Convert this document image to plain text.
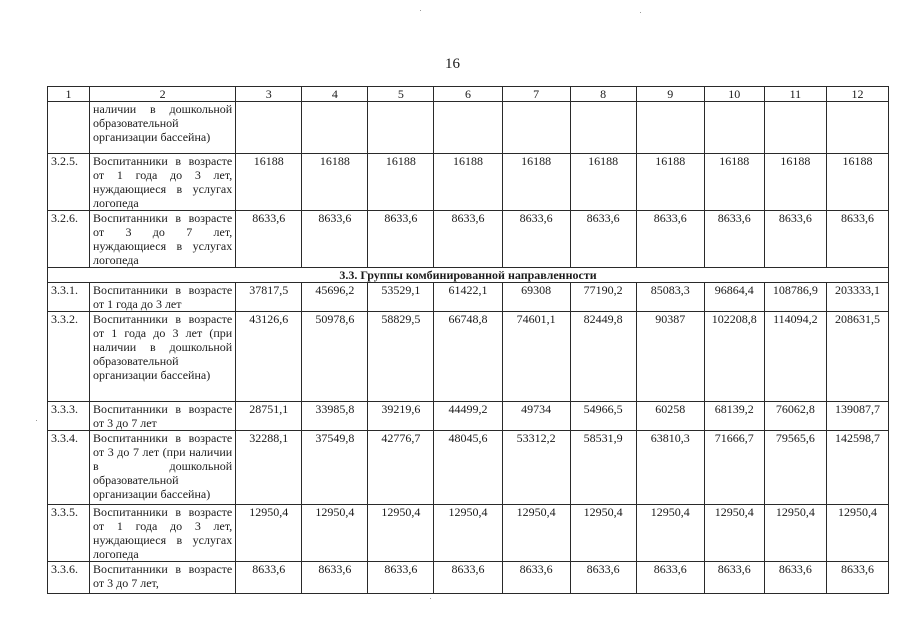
16
1	2	3	4	5	6	7	8	9	10	11	12
	наличии в дошкольной образовательной организации бассейна)										
3.2.5.	Воспитанники в возрасте от 1 года до 3 лет, нуждающиеся в услугах логопеда	16188	16188	16188	16188	16188	16188	16188	16188	16188	16188
3.2.6.	Воспитанники в возрасте от 3 до 7 лет, нуждающиеся в услугах логопеда	8633,6	8633,6	8633,6	8633,6	8633,6	8633,6	8633,6	8633,6	8633,6	8633,6
3.3. Группы комбинированной направленности											
3.3.1.	Воспитанники в возрасте от 1 года до 3 лет	37817,5	45696,2	53529,1	61422,1	69308	77190,2	85083,3	96864,4	108786,9	203333,1
3.3.2.	Воспитанники в возрасте от 1 года до 3 лет (при наличии в дошкольной образовательной организации бассейна)	43126,6	50978,6	58829,5	66748,8	74601,1	82449,8	90387	102208,8	114094,2	208631,5
3.3.3.	Воспитанники в возрасте от 3 до 7 лет	28751,1	33985,8	39219,6	44499,2	49734	54966,5	60258	68139,2	76062,8	139087,7
3.3.4.	Воспитанники в возрасте от 3 до 7 лет (при наличии в дошкольной образовательной организации бассейна)	32288,1	37549,8	42776,7	48045,6	53312,2	58531,9	63810,3	71666,7	79565,6	142598,7
3.3.5.	Воспитанники в возрасте от 1 года до 3 лет, нуждающиеся в услугах логопеда	12950,4	12950,4	12950,4	12950,4	12950,4	12950,4	12950,4	12950,4	12950,4	12950,4
3.3.6.	Воспитанники в возрасте от 3 до 7 лет,	8633,6	8633,6	8633,6	8633,6	8633,6	8633,6	8633,6	8633,6	8633,6	8633,6
